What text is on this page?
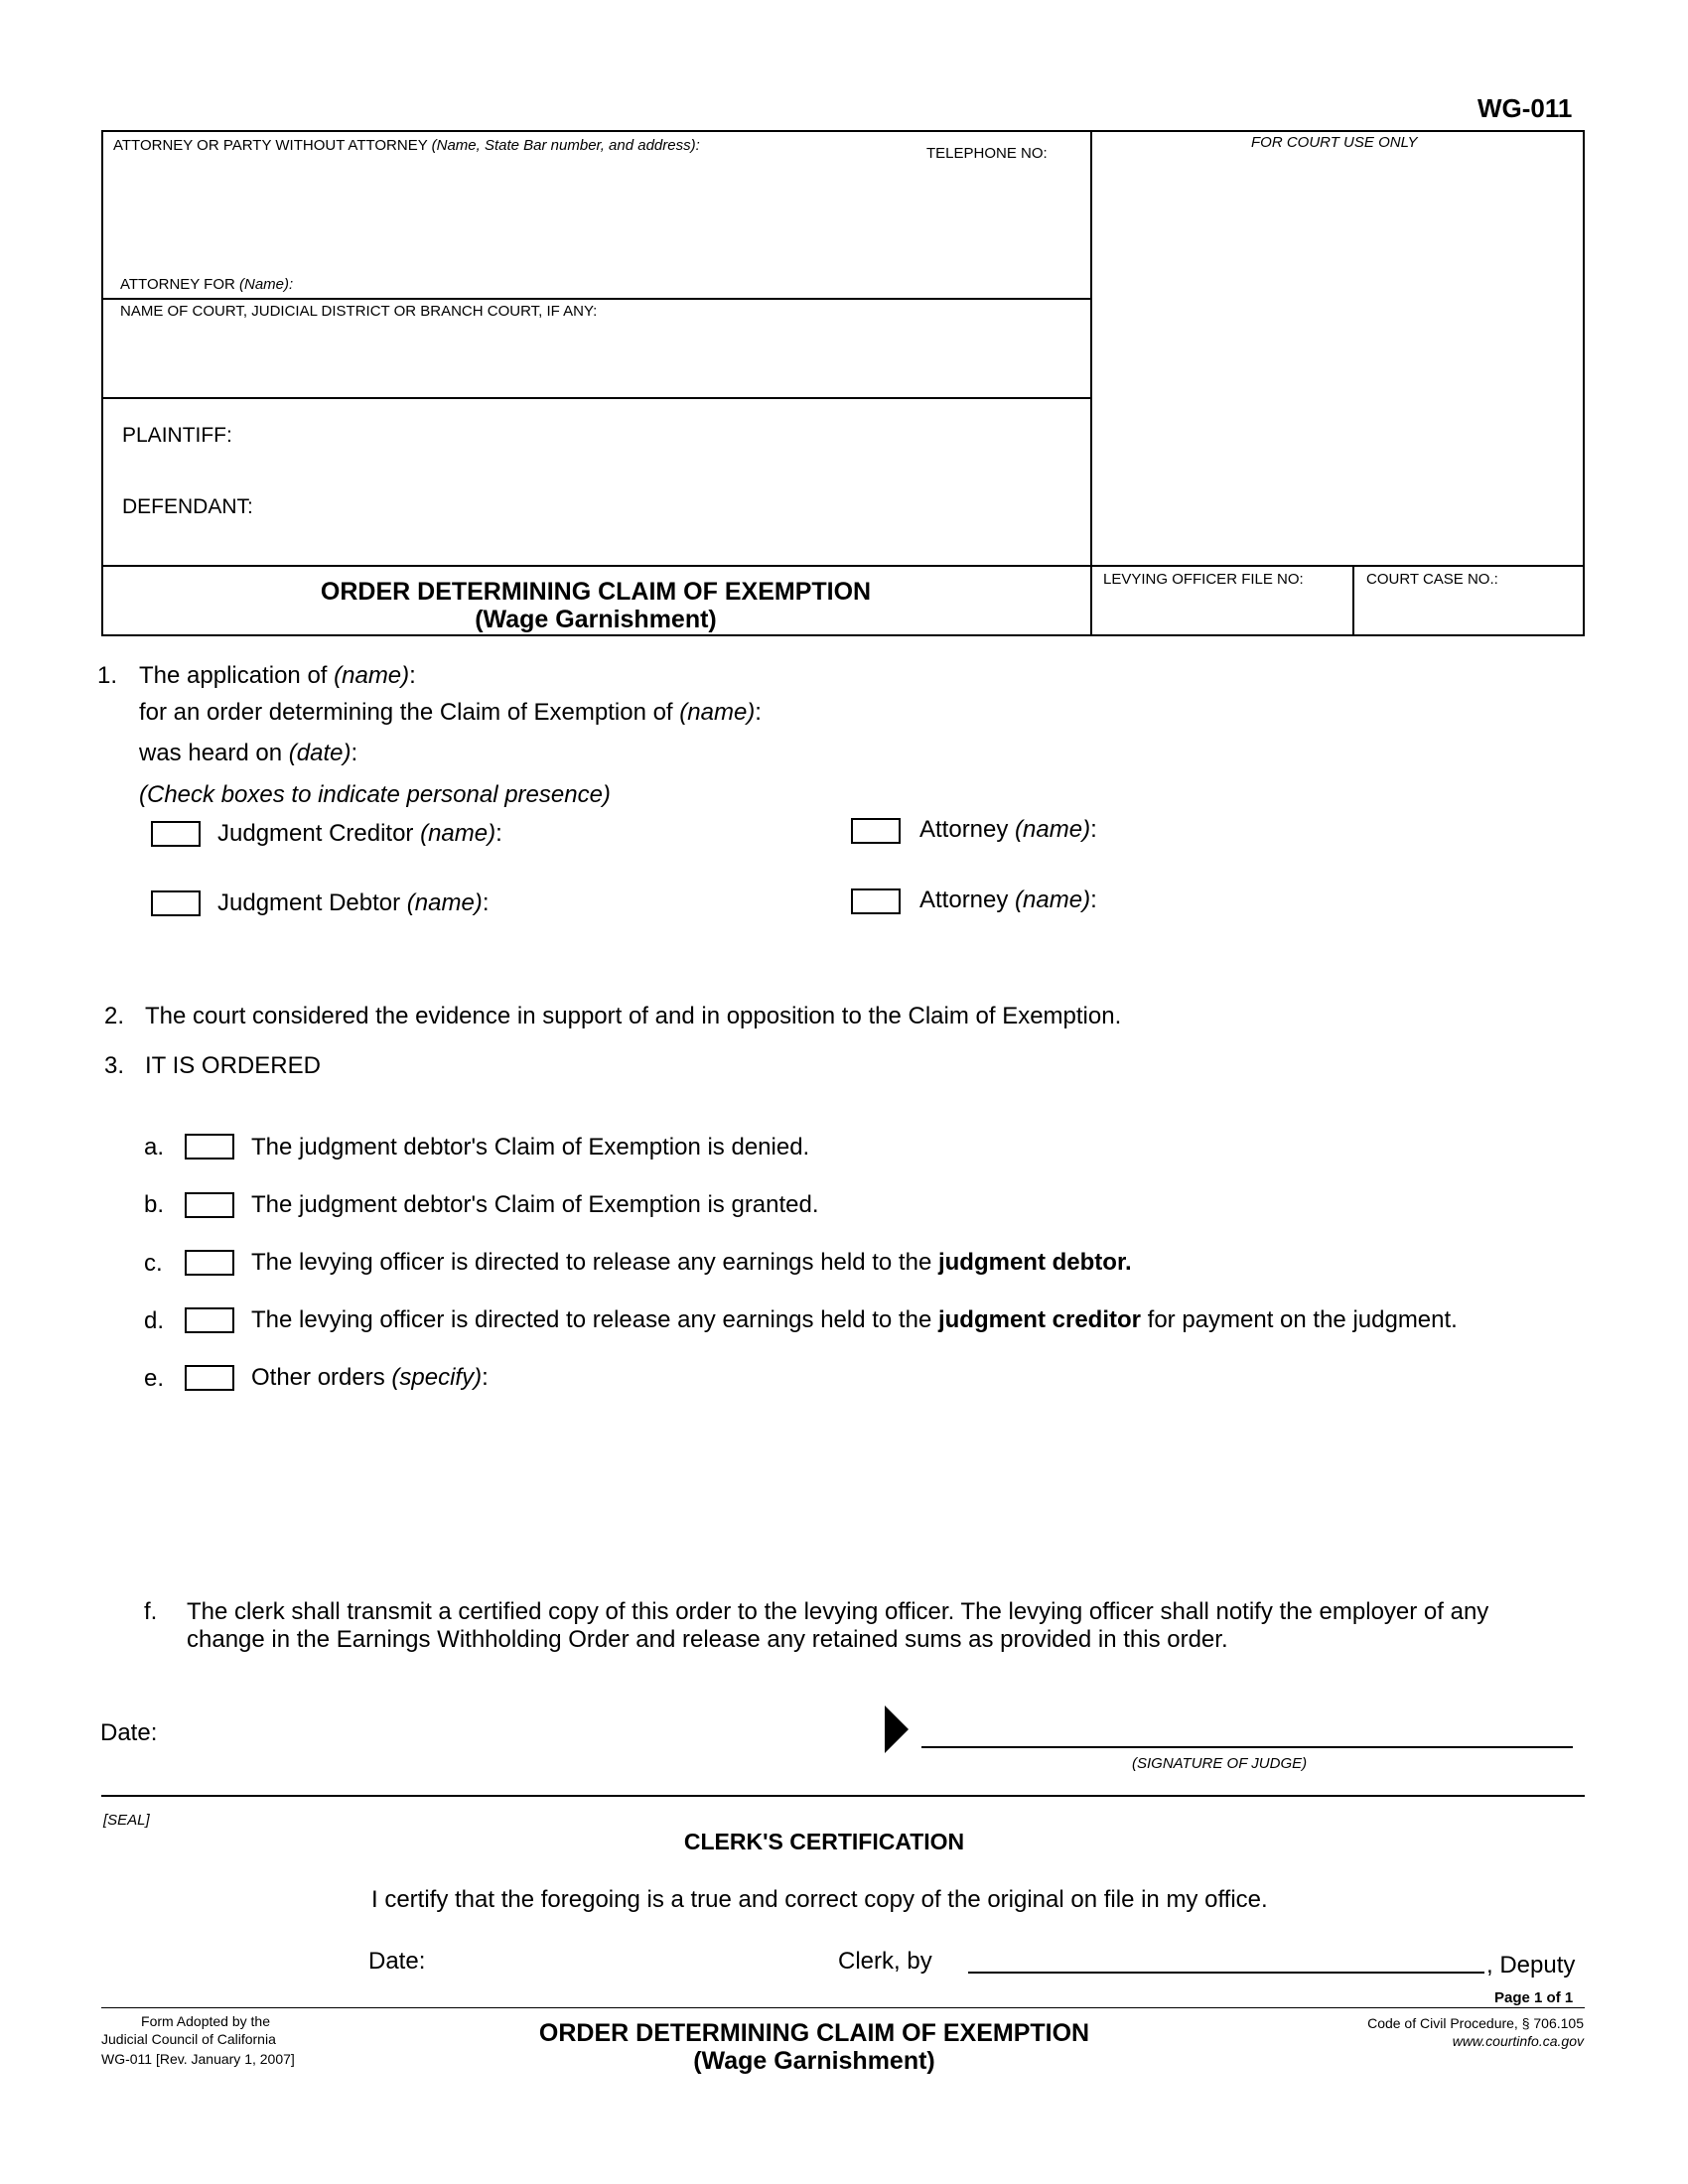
WG-011
ATTORNEY OR PARTY WITHOUT ATTORNEY (Name, State Bar number, and address):	TELEPHONE NO:
ATTORNEY FOR (Name):
NAME OF COURT, JUDICIAL DISTRICT OR BRANCH COURT, IF ANY:
PLAINTIFF:
DEFENDANT:
FOR COURT USE ONLY
ORDER DETERMINING CLAIM OF EXEMPTION
(Wage Garnishment)
LEVYING OFFICER FILE NO:	COURT CASE NO.:
1. The application of (name):
for an order determining the Claim of Exemption of (name):
was heard on (date):
(Check boxes to indicate personal presence)
Judgment Creditor (name):	Attorney (name):
Judgment Debtor (name):	Attorney (name):
2. The court considered the evidence in support of and in opposition to the Claim of Exemption.
3. IT IS ORDERED
a.	The judgment debtor's Claim of Exemption is denied.
b.	The judgment debtor's Claim of Exemption is granted.
c.	The levying officer is directed to release any earnings held to the judgment debtor.
d.	The levying officer is directed to release any earnings held to the judgment creditor for payment on the judgment.
e.	Other orders (specify):
f. The clerk shall transmit a certified copy of this order to the levying officer. The levying officer shall notify the employer of any
change in the Earnings Withholding Order and release any retained sums as provided in this order.
Date:
(SIGNATURE OF JUDGE)
[SEAL]
CLERK'S CERTIFICATION
I certify that the foregoing is a true and correct copy of the original on file in my office.
Date:	Clerk, by	, Deputy
Page 1 of 1
Form Adopted by the
Judicial Council of California
WG-011 [Rev. January 1, 2007]
ORDER DETERMINING CLAIM OF EXEMPTION
(Wage Garnishment)
Code of Civil Procedure, § 706.105
www.courtinfo.ca.gov
